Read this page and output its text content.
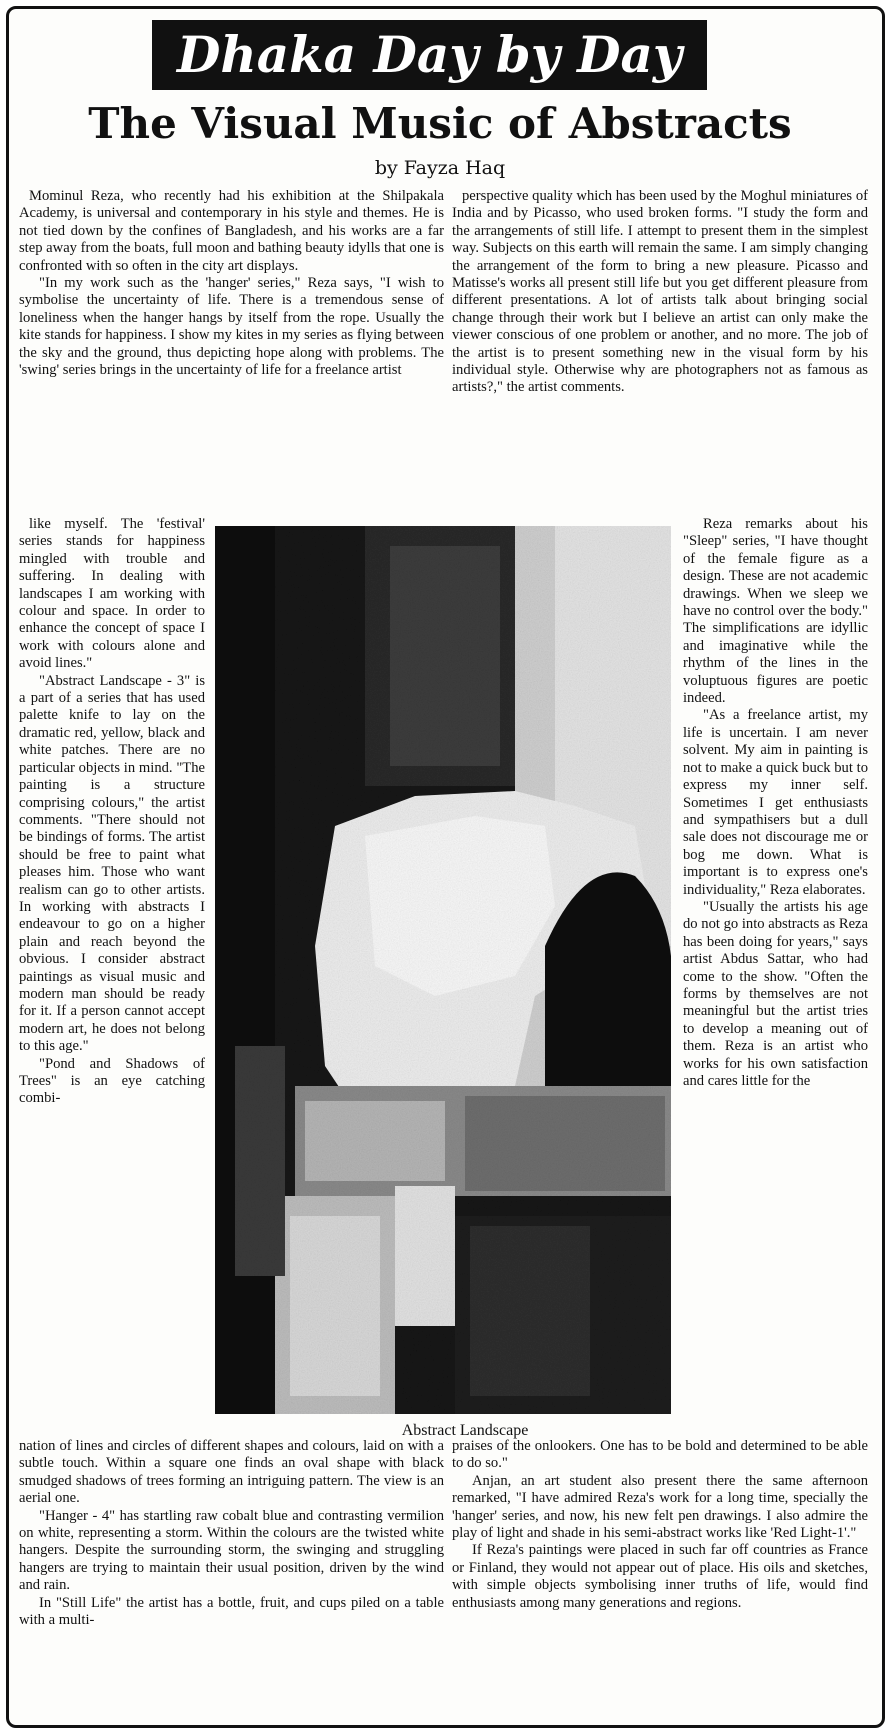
Dhaka Day by Day
The Visual Music of Abstracts
by Fayza Haq

Mominul Reza, who recently had his exhibition at the Shilpakala Academy, is universal and contemporary in his style and themes. He is not tied down by the confines of Bangladesh, and his works are a far step away from the boats, full moon and bathing beauty idylls that one is confronted with so often in the city art displays.

"In my work such as the 'hanger' series," Reza says, "I wish to symbolise the uncertainty of life. There is a tremendous sense of loneliness when the hanger hangs by itself from the rope. Usually the kite stands for happiness. I show my kites in my series as flying between the sky and the ground, thus depicting hope along with problems. The 'swing' series brings in the uncertainty of life for a freelance artist

perspective quality which has been used by the Moghul miniatures of India and by Picasso, who used broken forms. "I study the form and the arrangements of still life. I attempt to present them in the simplest way. Subjects on this earth will remain the same. I am simply changing the arrangement of the form to bring a new pleasure. Picasso and Matisse's works all present still life but you get different pleasure from different presentations. A lot of artists talk about bringing social change through their work but I believe an artist can only make the viewer conscious of one problem or another, and no more. The job of the artist is to present something new in the visual form by his individual style. Otherwise why are photographers not as famous as artists?," the artist comments.

like myself. The 'festival' series stands for happiness mingled with trouble and suffering. In dealing with landscapes I am working with colour and space. In order to enhance the concept of space I work with colours alone and avoid lines."

"Abstract Landscape - 3" is a part of a series that has used palette knife to lay on the dramatic red, yellow, black and white patches. There are no particular objects in mind. "The painting is a structure comprising colours," the artist comments. "There should not be bindings of forms. The artist should be free to paint what pleases him. Those who want realism can go to other artists. In working with abstracts I endeavour to go on a higher plain and reach beyond the obvious. I consider abstract paintings as visual music and modern man should be ready for it. If a person cannot accept modern art, he does not belong to this age."

"Pond and Shadows of Trees" is an eye catching combi-

Reza remarks about his "Sleep" series, "I have thought of the female figure as a design. These are not academic drawings. When we sleep we have no control over the body." The simplifications are idyllic and imaginative while the rhythm of the lines in the voluptuous figures are poetic indeed.

"As a freelance artist, my life is uncertain. I am never solvent. My aim in painting is not to make a quick buck but to express my inner self. Sometimes I get enthusiasts and sympathisers but a dull sale does not discourage me or bog me down. What is important is to express one's individuality," Reza elaborates.

"Usually the artists his age do not go into abstracts as Reza has been doing for years," says artist Abdus Sattar, who had come to the show. "Often the forms by themselves are not meaningful but the artist tries to develop a meaning out of them. Reza is an artist who works for his own satisfaction and cares little for the

Abstract Landscape

nation of lines and circles of different shapes and colours, laid on with a subtle touch. Within a square one finds an oval shape with black smudged shadows of trees forming an intriguing pattern. The view is an aerial one.

"Hanger - 4" has startling raw cobalt blue and contrasting vermilion on white, representing a storm. Within the colours are the twisted white hangers. Despite the surrounding storm, the swinging and struggling hangers are trying to maintain their usual position, driven by the wind and rain.

In "Still Life" the artist has a bottle, fruit, and cups piled on a table with a multi-

praises of the onlookers. One has to be bold and determined to be able to do so."

Anjan, an art student also present there the same afternoon remarked, "I have admired Reza's work for a long time, specially the 'hanger' series, and now, his new felt pen drawings. I also admire the play of light and shade in his semi-abstract works like 'Red Light-1'."

If Reza's paintings were placed in such far off countries as France or Finland, they would not appear out of place. His oils and sketches, with simple objects symbolising inner truths of life, would find enthusiasts among many generations and regions.
